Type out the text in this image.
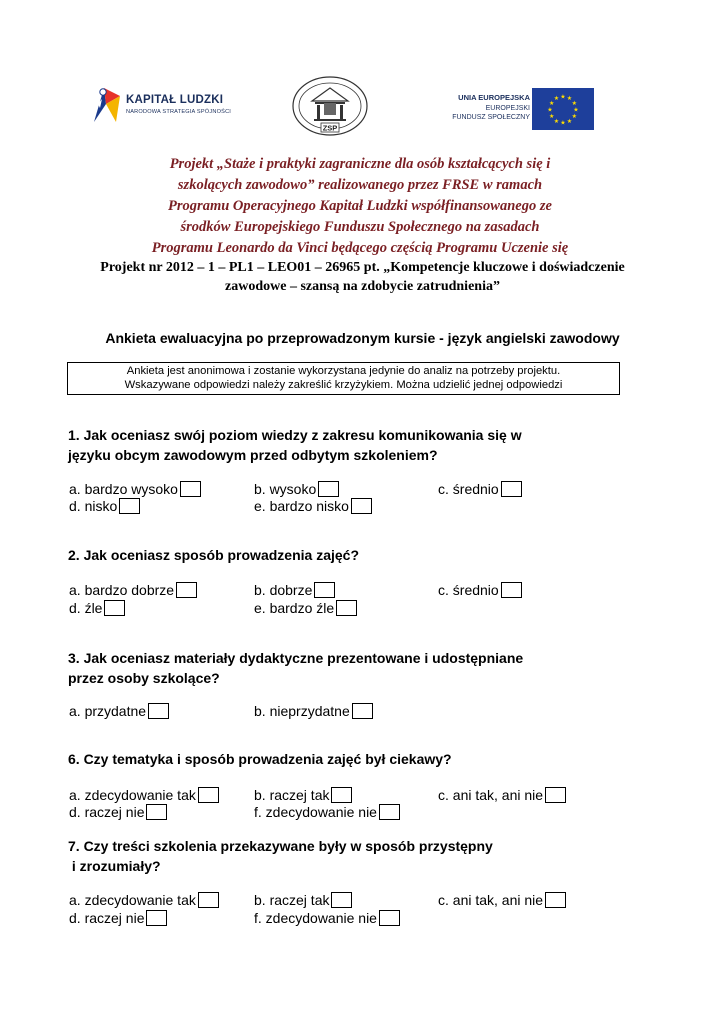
KAPITAŁ LUDZKI
NARODOWA STRATEGIA SPÓJNOŚCI
ZSP
UNIA EUROPEJSKA
EUROPEJSKI
FUNDUSZ SPOŁECZNY
★
★
★
★
★
★
★
★
★ ★ ★
★
Projekt „Staże i praktyki zagraniczne dla osób kształcących się i
szkolących zawodowo” realizowanego przez FRSE w ramach
Programu Operacyjnego Kapitał Ludzki współfinansowanego ze
środków Europejskiego Funduszu Społecznego na zasadach
Programu Leonardo da Vinci będącego częścią Programu Uczenie się
Projekt nr 2012 – 1 – PL1 – LEO01 – 26965 pt. „Kompetencje kluczowe i doświadczenie
zawodowe – szansą na zdobycie zatrudnienia”
Ankieta ewaluacyjna po przeprowadzonym kursie - język angielski zawodowy
Ankieta jest anonimowa i zostanie wykorzystana jedynie do analiz na potrzeby projektu.
Wskazywane odpowiedzi należy zakreślić krzyżykiem. Można udzielić jednej odpowiedzi
1. Jak oceniasz swój poziom wiedzy z zakresu komunikowania się w
języku obcym zawodowym przed odbytym szkoleniem?
a. bardzo wysoko	b. wysoko	c. średnio
d. nisko	e. bardzo nisko
2. Jak oceniasz sposób prowadzenia zajęć?
a. bardzo dobrze	b. dobrze	c. średnio
d. źle	e. bardzo źle
3. Jak oceniasz materiały dydaktyczne prezentowane i udostępniane
przez osoby szkolące?
a. przydatne	b. nieprzydatne
6. Czy tematyka i sposób prowadzenia zajęć był ciekawy?
a. zdecydowanie tak	b. raczej tak	c. ani tak, ani nie
d. raczej nie	f. zdecydowanie nie
7. Czy treści szkolenia przekazywane były w sposób przystępny
i zrozumiały?
a. zdecydowanie tak	b. raczej tak	c. ani tak, ani nie
d. raczej nie	f. zdecydowanie nie
